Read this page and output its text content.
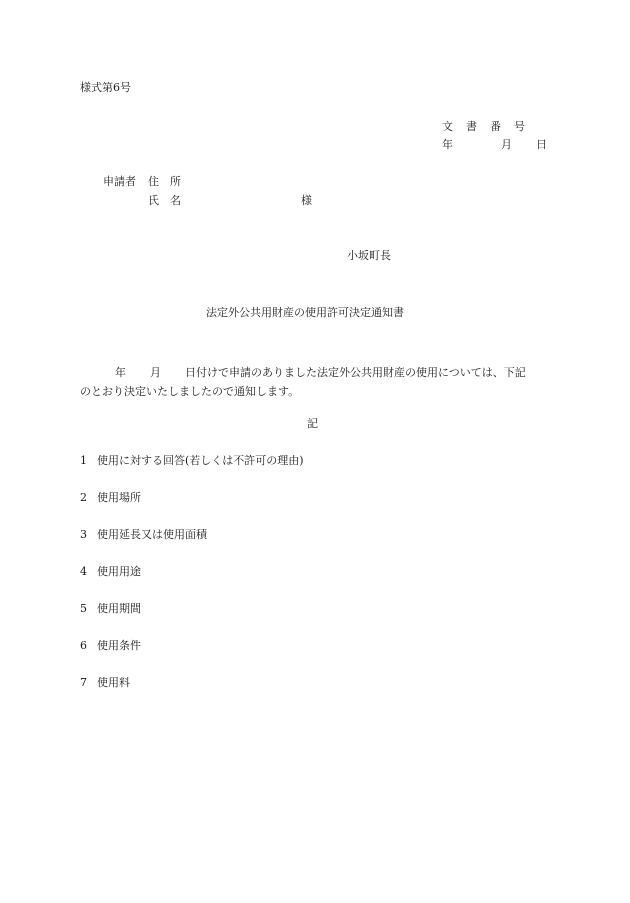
様式第6号
文 書 番 号
年	月 日
申請者 住　所
氏　名	様
小坂町長
法定外公共用財産の使用許可決定通知書
年 月 日付けで申請のありました法定外公共用財産の使用については、下記
のとおり決定いたしましたので通知します。
記
1 使用に対する回答(若しくは不許可の理由)
2 使用場所
3 使用延長又は使用面積
4 使用用途
5 使用期間
6 使用条件
7 使用料
